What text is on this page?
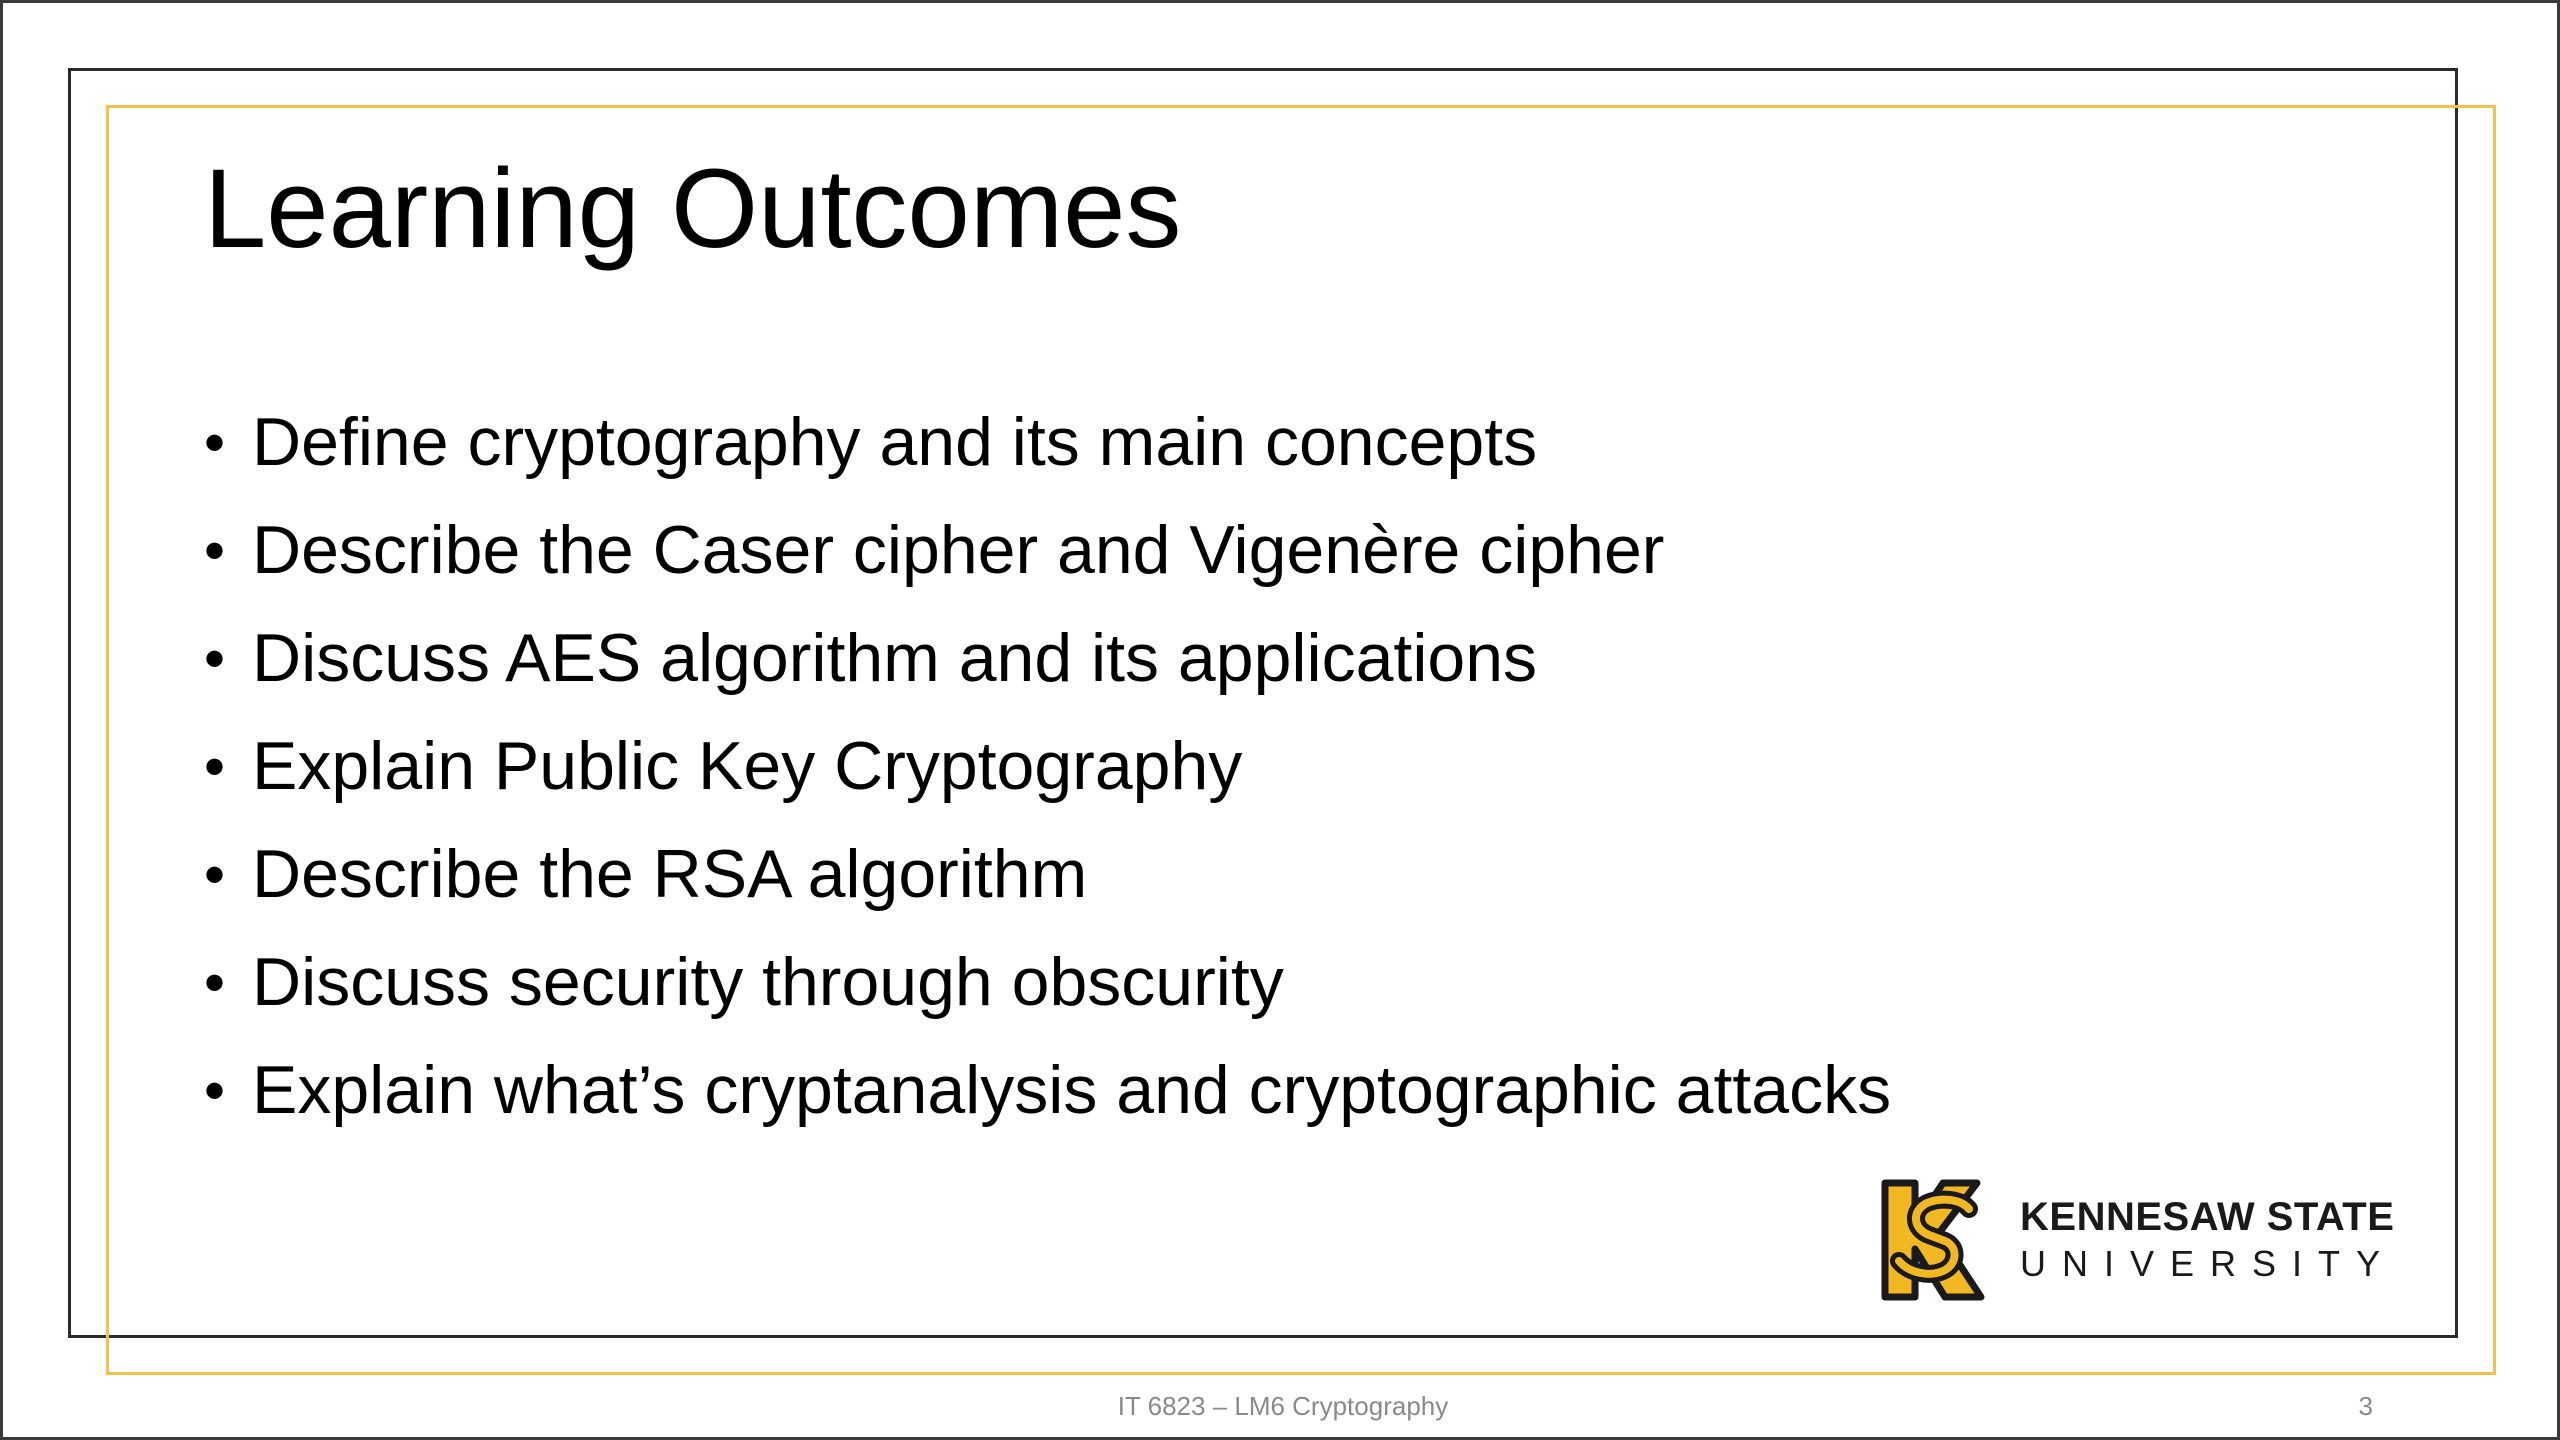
Learning Outcomes
• Define cryptography and its main concepts
• Describe the Caser cipher and Vigenère cipher
• Discuss AES algorithm and its applications
• Explain Public Key Cryptography
• Describe the RSA algorithm
• Discuss security through obscurity
• Explain what’s cryptanalysis and cryptographic attacks
KENNESAW STATE
UNIVERSITY
IT 6823 – LM6 Cryptography	3
